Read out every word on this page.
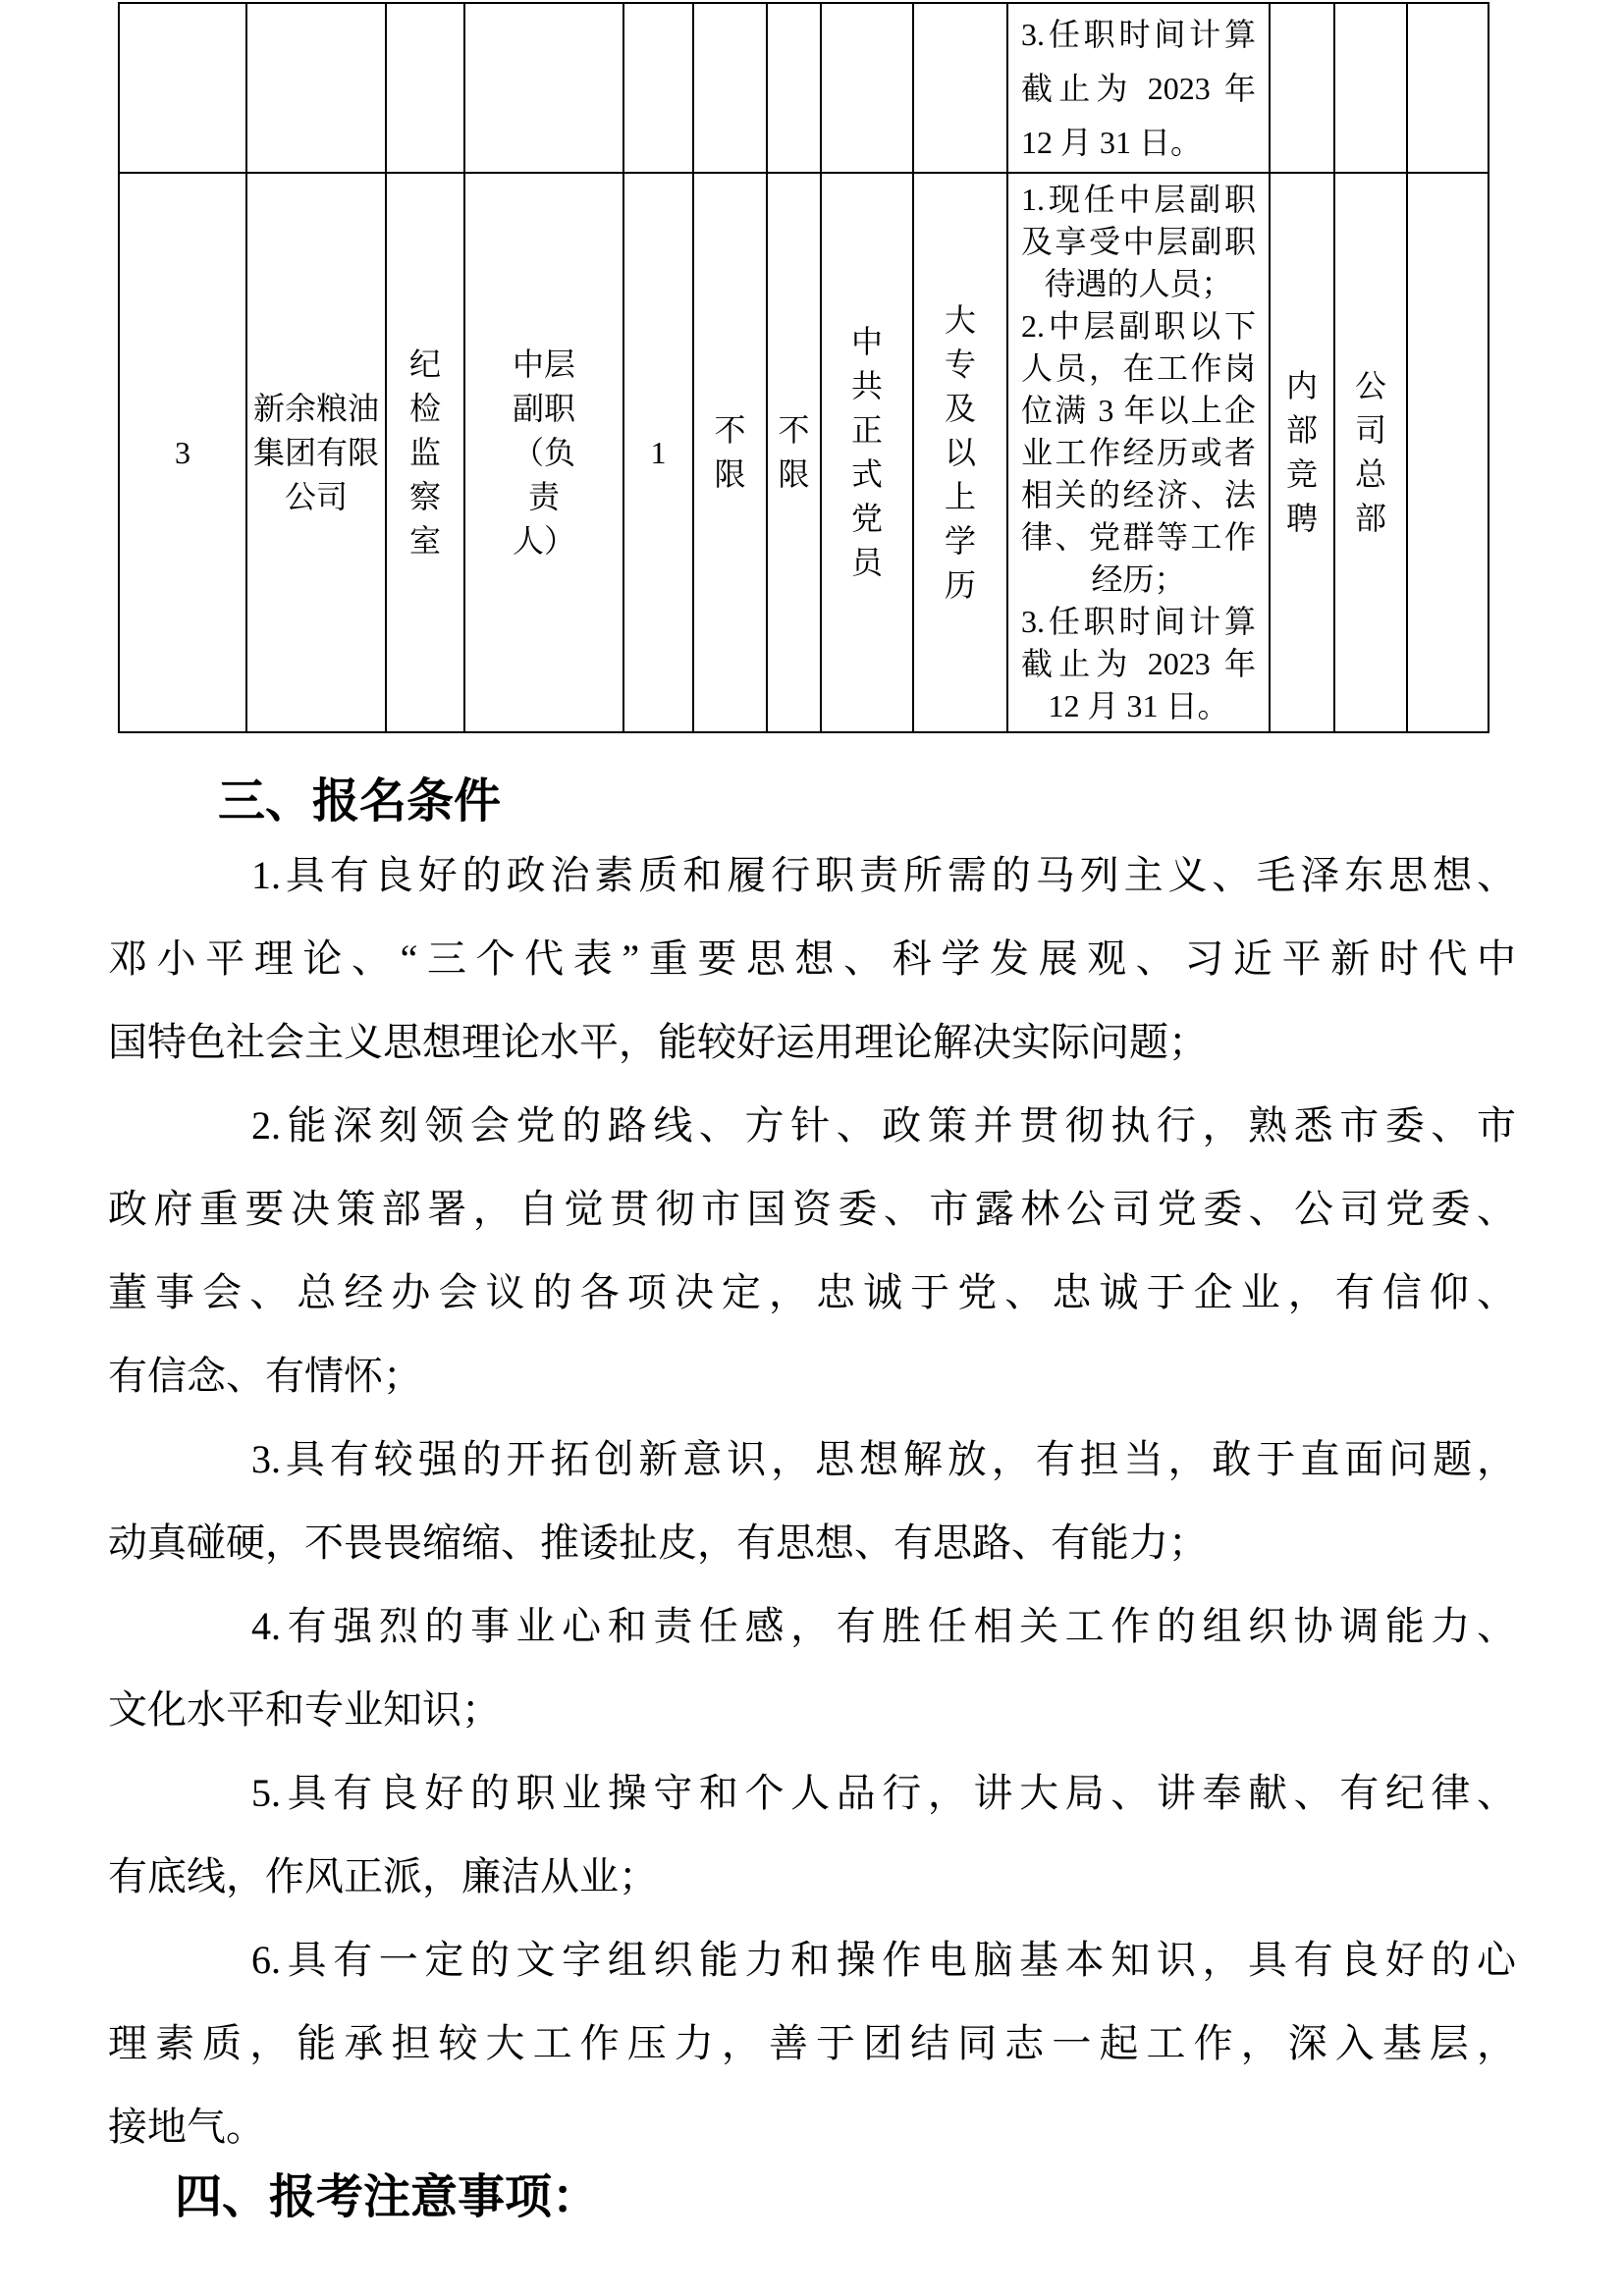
									3.任职时间计算截止为 2023 年 12 月 31 日。			
3	新余粮油集团有限公司	纪检监察室	中层副职（负责人）	1	不限	不限	中共正式党员	大专及以上学历	1.现任中层副职及享受中层副职待遇的人员；
2.中层副职以下人员，在工作岗位满 3 年以上企业工作经历或者相关的经济、法律、党群等工作经历；
3.任职时间计算截止为 2023 年 12 月 31 日。	内部竞聘	公司总部	

三、报名条件
1.具有良好的政治素质和履行职责所需的马列主义、毛泽东思想、
邓小平理论、“三个代表”重要思想、科学发展观、习近平新时代中
国特色社会主义思想理论水平，能较好运用理论解决实际问题；
2.能深刻领会党的路线、方针、政策并贯彻执行，熟悉市委、市
政府重要决策部署，自觉贯彻市国资委、市露林公司党委、公司党委、
董事会、总经办会议的各项决定，忠诚于党、忠诚于企业，有信仰、
有信念、有情怀；
3.具有较强的开拓创新意识，思想解放，有担当，敢于直面问题，
动真碰硬，不畏畏缩缩、推诿扯皮，有思想、有思路、有能力；
4.有强烈的事业心和责任感，有胜任相关工作的组织协调能力、
文化水平和专业知识；
5.具有良好的职业操守和个人品行，讲大局、讲奉献、有纪律、
有底线，作风正派，廉洁从业；
6.具有一定的文字组织能力和操作电脑基本知识，具有良好的心
理素质，能承担较大工作压力，善于团结同志一起工作，深入基层，
接地气。
四、报考注意事项：
